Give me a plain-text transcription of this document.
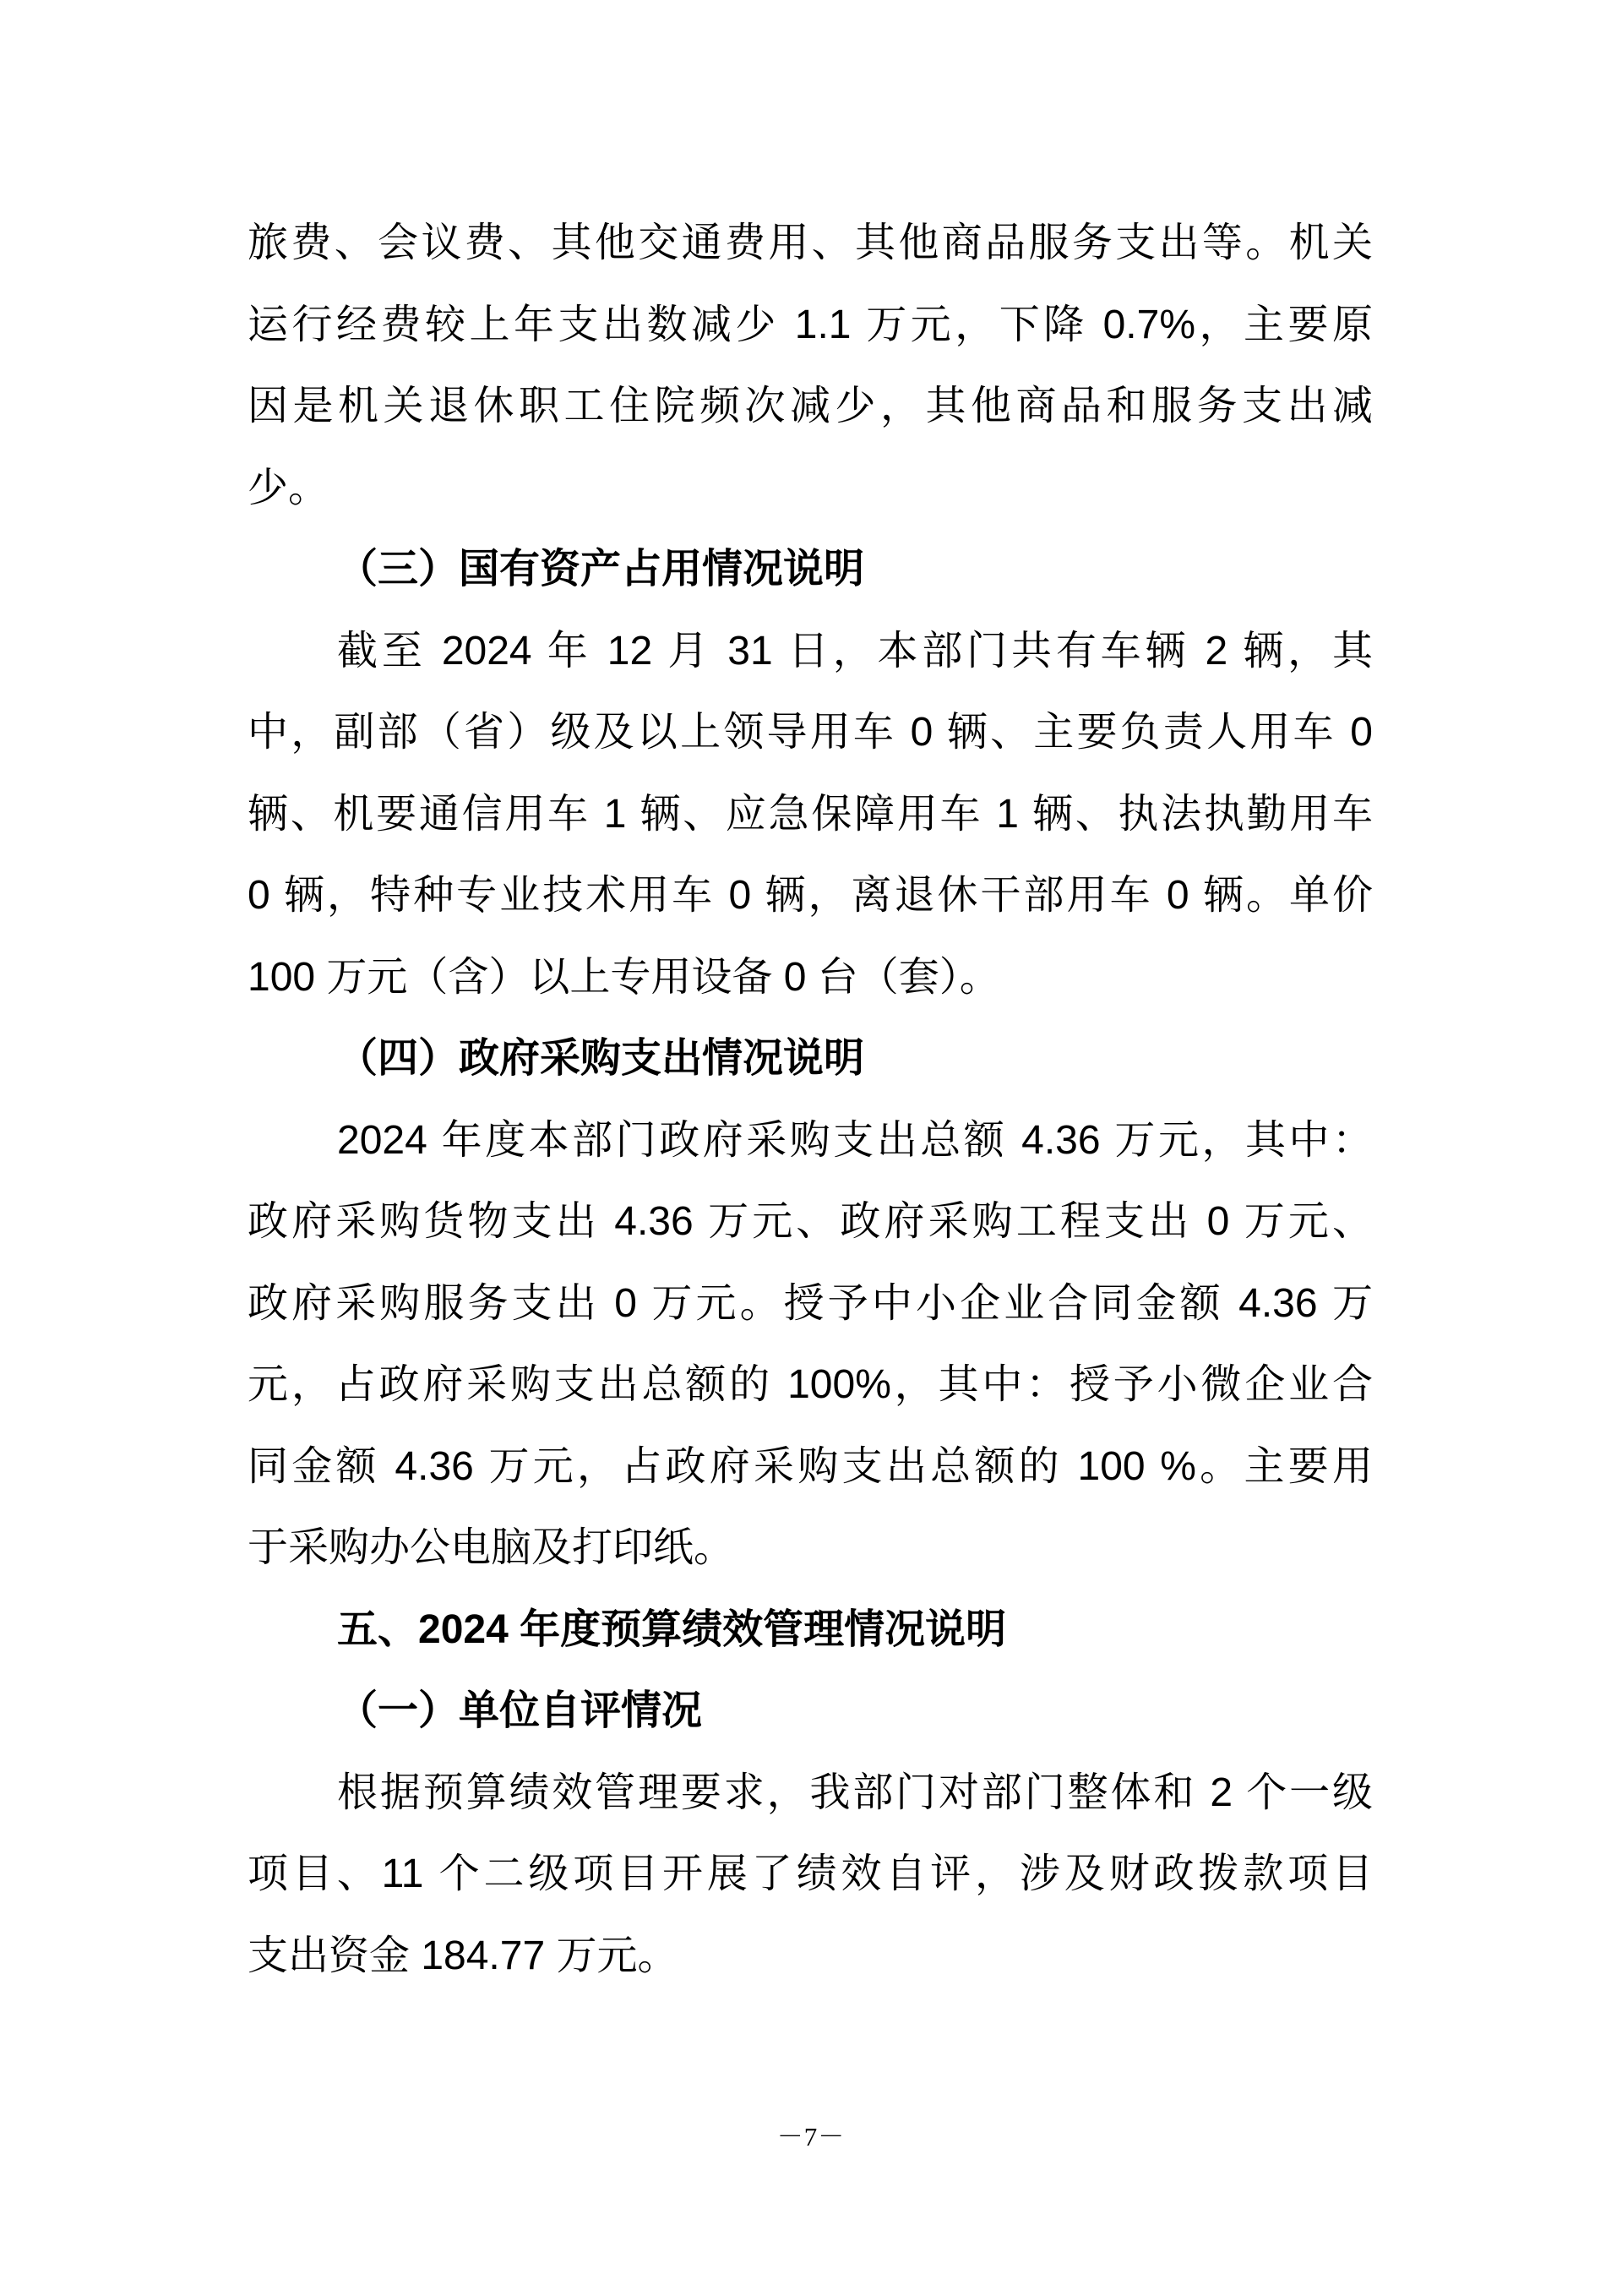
旅费、会议费、其他交通费用、其他商品服务支出等。机关
运行经费较上年支出数减少 1.1 万元，下降 0.7%，主要原
因是机关退休职工住院频次减少，其他商品和服务支出减
少。
（三）国有资产占用情况说明
截至 2024 年 12 月 31 日，本部门共有车辆 2 辆，其
中，副部（省）级及以上领导用车 0 辆、主要负责人用车 0
辆、机要通信用车 1 辆、应急保障用车 1 辆、执法执勤用车
0 辆，特种专业技术用车 0 辆，离退休干部用车 0 辆。单价
100 万元（含）以上专用设备 0 台（套）。
（四）政府采购支出情况说明
2024 年度本部门政府采购支出总额 4.36 万元，其中：
政府采购货物支出 4.36 万元、政府采购工程支出 0 万元、
政府采购服务支出 0 万元。授予中小企业合同金额 4.36 万
元，占政府采购支出总额的 100%，其中：授予小微企业合
同金额 4.36 万元，占政府采购支出总额的 100 %。主要用
于采购办公电脑及打印纸。
五、2024 年度预算绩效管理情况说明
（一）单位自评情况
根据预算绩效管理要求，我部门对部门整体和 2 个一级
项目、11 个二级项目开展了绩效自评，涉及财政拨款项目
支出资金 184.77 万元。
－7－
